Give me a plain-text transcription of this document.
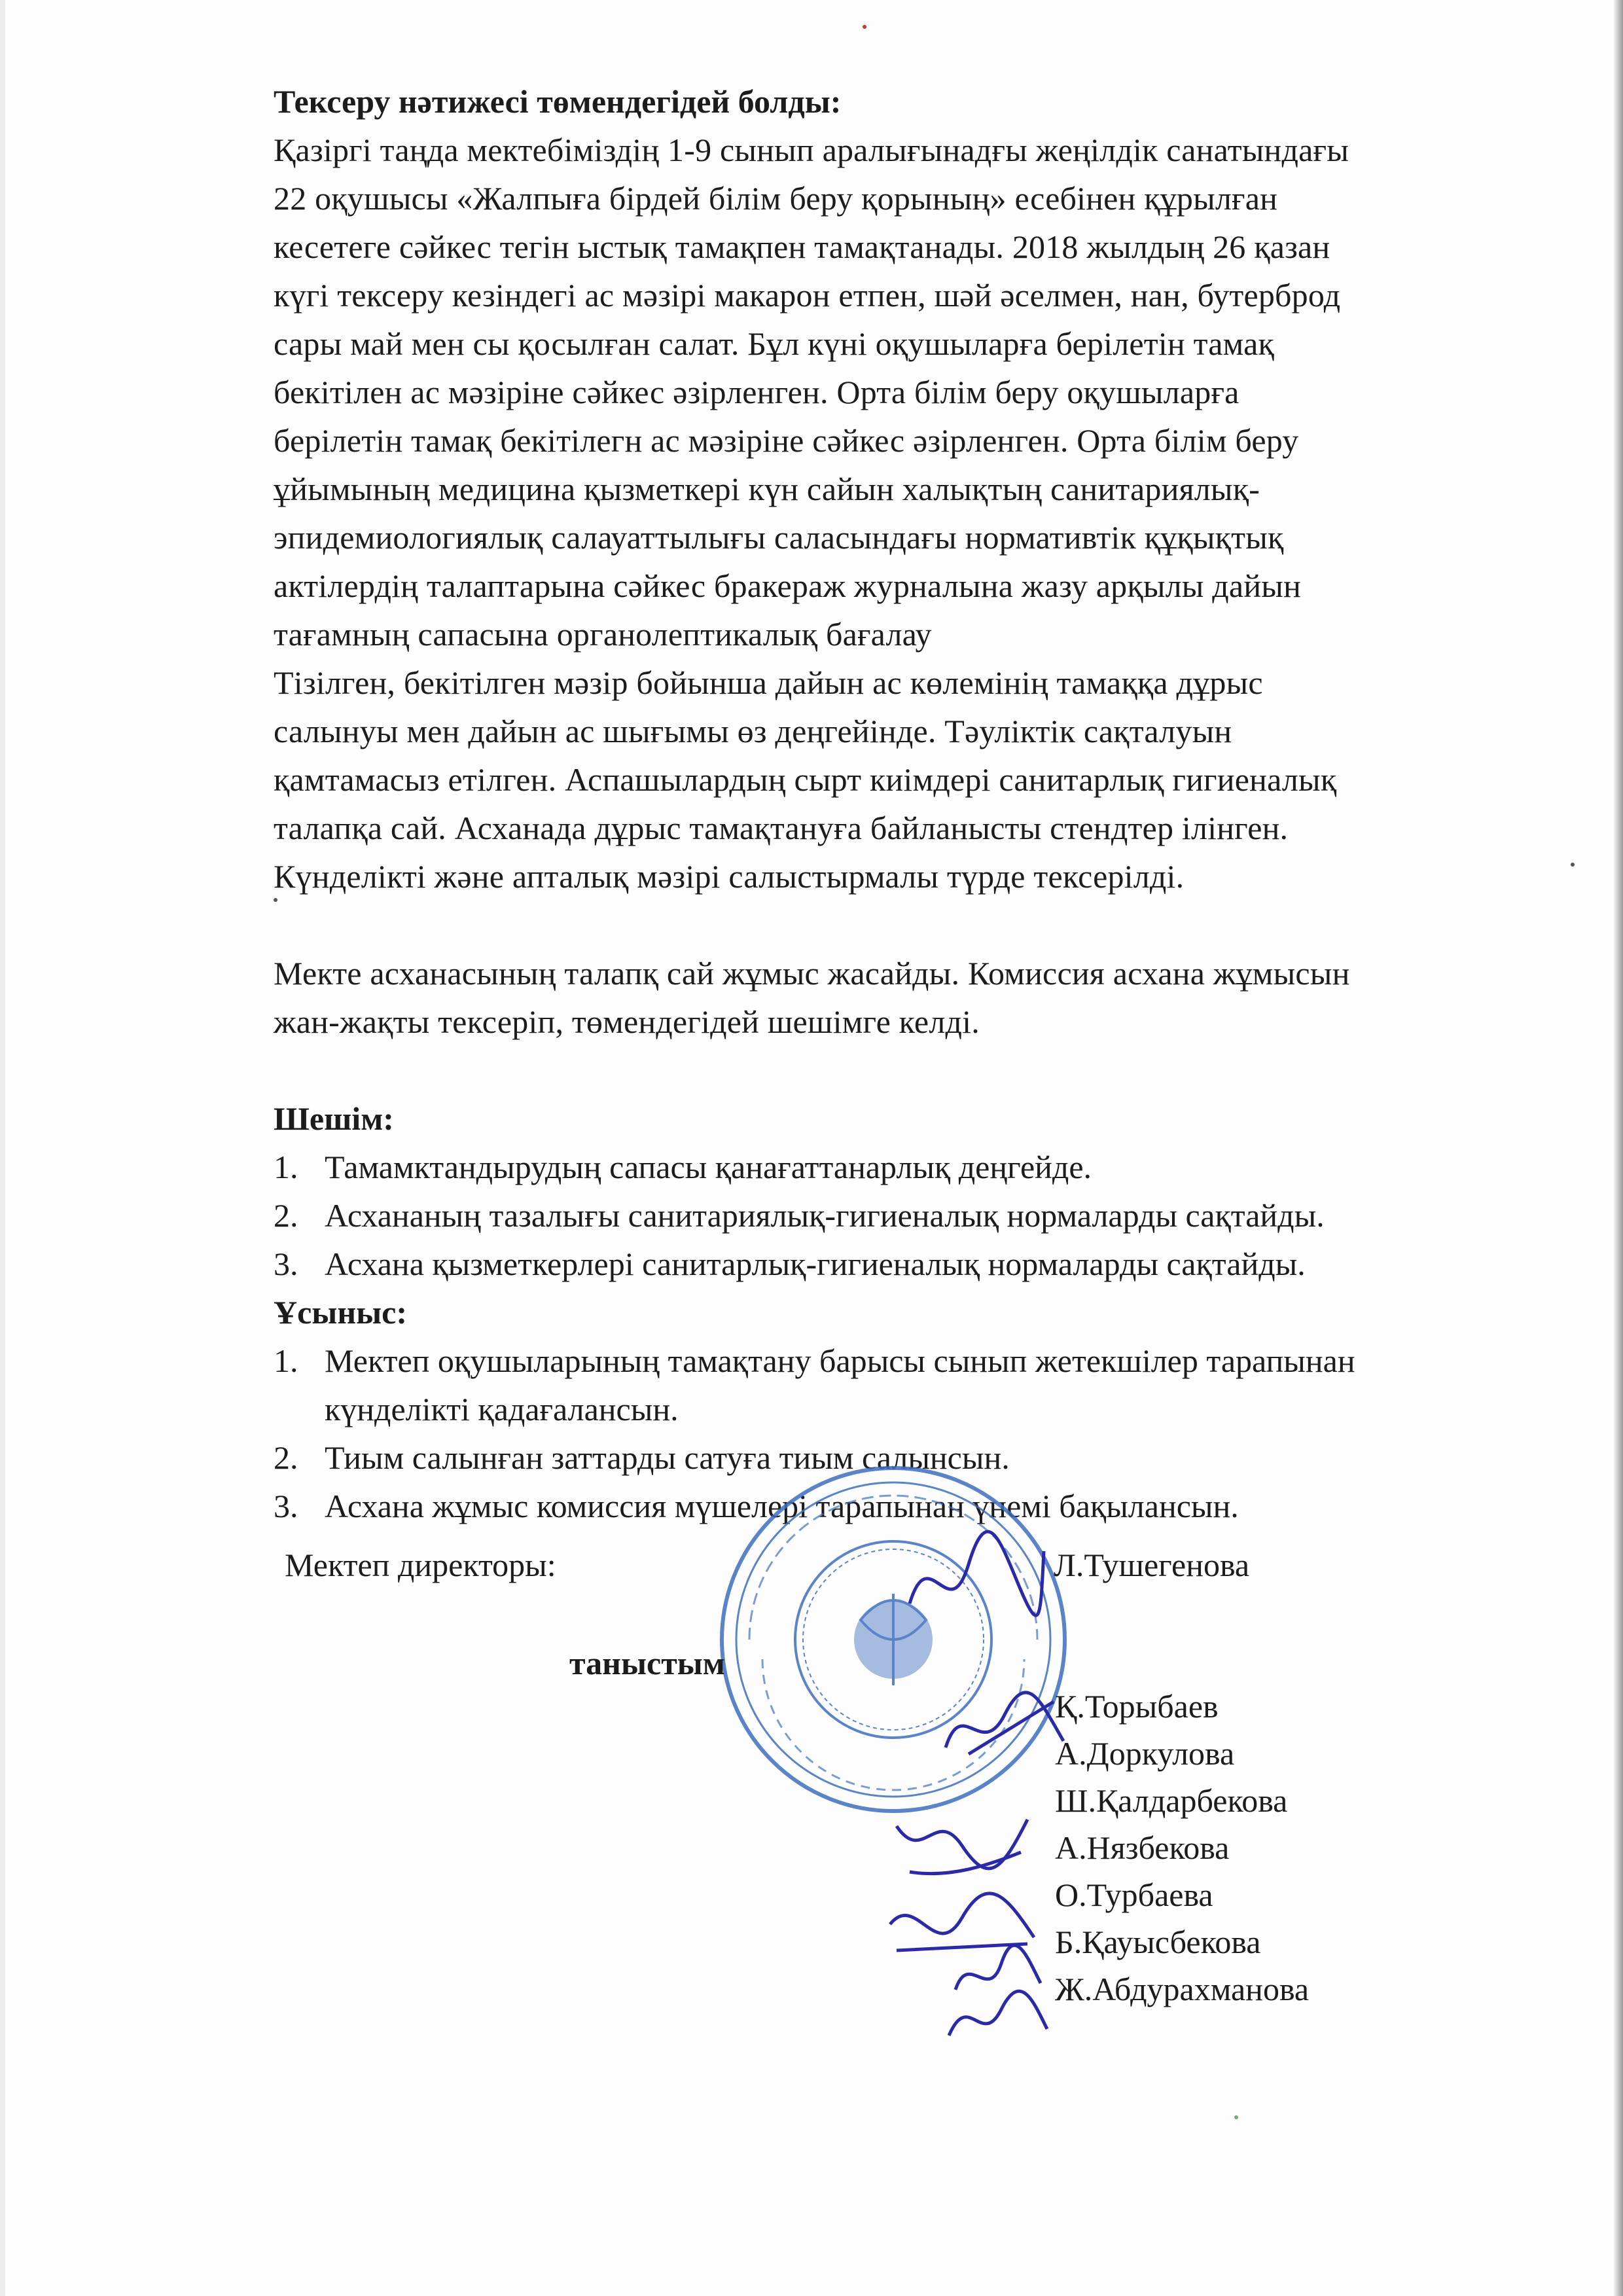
Тексеру нәтижесі төмендегідей болды:

Қазіргі таңда мектебіміздің 1-9 сынып аралығынадғы жеңілдік санатындағы
22 оқушысы «Жалпыға бірдей білім беру қорының» есебінен құрылған
кесетеге сәйкес тегін ыстық тамақпен тамақтанады. 2018 жылдың 26 қазан
күгі тексеру кезіндегі ас мәзірі макарон етпен, шәй әселмен, нан, бутерброд
сары май мен сы қосылған салат. Бұл күні оқушыларға берілетін тамақ
бекітілен ас мәзіріне сәйкес әзірленген. Орта білім беру оқушыларға
берілетін тамақ бекітілегн ас мәзіріне сәйкес әзірленген. Орта білім беру
ұйымының медицина қызметкері күн сайын халықтың санитариялық-
эпидемиологиялық салауаттылығы саласындағы нормативтік құқықтық
актілердің талаптарына сәйкес бракераж журналына жазу арқылы дайын
тағамның сапасына органолептикалық бағалау
Тізілген, бекітілген мәзір бойынша дайын ас көлемінің тамаққа дұрыс
салынуы мен дайын ас шығымы өз деңгейінде. Тәуліктік сақталуын
қамтамасыз етілген. Аспашылардың сырт киімдері санитарлық гигиеналық
талапқа сай. Асханада дұрыс тамақтануға байланысты стендтер ілінген.
Күнделікті және апталық мәзірі салыстырмалы түрде тексерілді.

Мекте асханасының талапқ сай жұмыс жасайды. Комиссия асхана жұмысын
жан-жақты тексеріп, төмендегідей шешімге келді.

Шешім:

1. Тамамктандырудың сапасы қанағаттанарлық деңгейде.
2. Асхананың тазалығы санитариялық-гигиеналық нормаларды сақтайды.
3. Асхана қызметкерлері санитарлық-гигиеналық нормаларды сақтайды.

Ұсыныс:

1. Мектеп оқушыларының тамақтану барысы сынып жетекшілер тарапынан
күнделікті қадағалансын.
2. Тиым салынған заттарды сатуға тиым салынсын.
3. Асхана жұмыс комиссия мүшелері тарапынан үнемі бақылансын.
Мектеп директоры:	Л.Тушегенова
таныстым
Қ.Торыбаев
А.Доркулова
Ш.Қалдарбекова
А.Нязбекова
О.Турбаева
Б.Қауысбекова
Ж.Абдурахманова
